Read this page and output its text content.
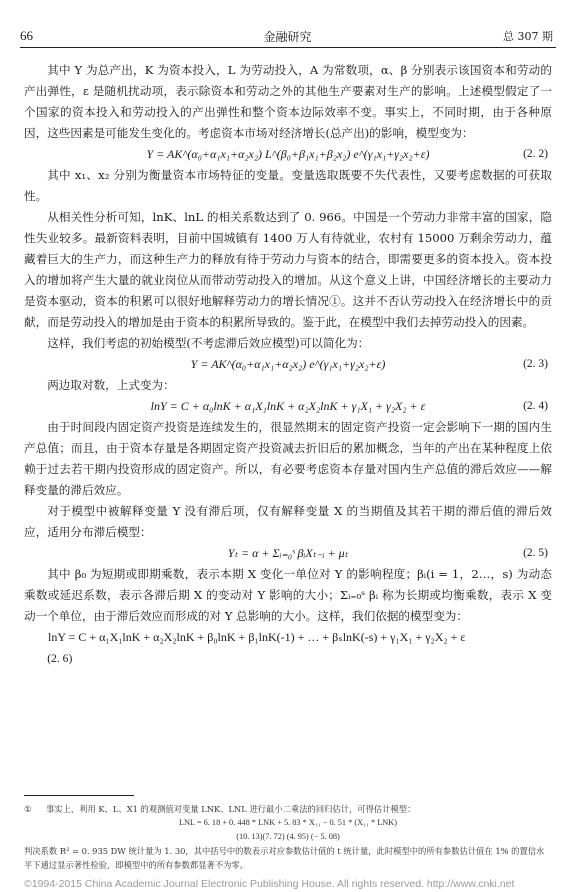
66	金融研究	总 307 期

其中 Y 为总产出，K 为资本投入，L 为劳动投入，A 为常数项，α、β 分别表示该国资本和劳动的产出弹性，ε 是随机扰动项，表示除资本和劳动之外的其他生产要素对生产的影响。上述模型假定了一个国家的资本投入和劳动投入的产出弹性和整个资本边际效率不变。事实上，不同时期，由于各种原因，这些因素是可能发生变化的。考虑资本市场对经济增长(总产出)的影响，模型变为：

Y = AK^(α₀+α₁x₁+α₂x₂) L^(β₀+β₁x₁+β₂x₂) e^(γ₁x₁+γ₂x₂+ε)	(2. 2)

其中 x₁、x₂ 分别为衡量资本市场特征的变量。变量选取既要不失代表性，又要考虑数据的可获取性。

从相关性分析可知，lnK、lnL 的相关系数达到了 0. 966。中国是一个劳动力非常丰富的国家，隐性失业较多。最新资料表明，目前中国城镇有 1400 万人有待就业，农村有 15000 万剩余劳动力，蕴藏着巨大的生产力，而这种生产力的释放有待于劳动力与资本的结合，即需要更多的资本投入。资本投入的增加将产生大量的就业岗位从而带动劳动投入的增加。从这个意义上讲，中国经济增长的主要动力是资本驱动，资本的积累可以很好地解释劳动力的增长情况①。这并不否认劳动投入在经济增长中的贡献，而是劳动投入的增加是由于资本的积累所导致的。鉴于此，在模型中我们去掉劳动投入的因素。

这样，我们考虑的初始模型(不考虑滞后效应模型)可以简化为：

Y = AK^(α₀+α₁x₁+α₂x₂) e^(γ₁x₁+γ₂x₂+ε)	(2. 3)

两边取对数，上式变为：

lnY = C + α₀lnK + α₁X₁lnK + α₂X₂lnK + γ₁X₁ + γ₂X₂ + ε	(2. 4)

由于时间段内固定资产投资是连续发生的，很显然期末的固定资产投资一定会影响下一期的国内生产总值；而且，由于资本存量是各期固定资产投资减去折旧后的累加概念，当年的产出在某种程度上依赖于过去若干期内投资形成的固定资产。所以，有必要考虑资本存量对国内生产总值的滞后效应——解释变量的滞后效应。

对于模型中被解释变量 Y 没有滞后项，仅有解释变量 X 的当期值及其若干期的滞后值的滞后效应，适用分布滞后模型：

Yₜ = α + Σᵢ₌₀ˢ βᵢXₜ₋ᵢ + μₜ	(2. 5)

其中 β₀ 为短期或即期乘数，表示本期 X 变化一单位对 Y 的影响程度；βᵢ(i = 1，2…，s) 为动态乘数或延迟系数，表示各滞后期 X 的变动对 Y 影响的大小；Σᵢ₌₀ˢ βᵢ 称为长期或均衡乘数，表示 X 变动一个单位，由于滞后效应而形成的对 Y 总影响的大小。这样，我们依据的模型变为：

lnY = C + α₁X₁lnK + α₂X₂lnK + β₀lnK + β₁lnK(-1) + … + βₛlnK(-s) + γ₁X₁ + γ₂X₂ + ε

(2. 6)

① 事实上，利用 K、L、X1 的观测值对变量 LNK、LNL 进行最小二乘法的回归估计，可得估计模型：
LNL = 6. 18 + 0. 448 * LNK + 5. 83 * X₁₁ − 0. 51 * (X₁₁ * LNK)
(10. 13)(7. 72) (4. 95) (− 5. 08)
判决系数 R² = 0. 935 DW 统计量为 1. 30，其中括号中的数表示对应参数估计值的 t 统计量，此时模型中的所有参数估计值在 1% 的置信水平下通过显示著性检验，即模型中的所有参数都显著不为零。
©1994-2015 China Academic Journal Electronic Publishing House. All rights reserved. http://www.cnki.net
